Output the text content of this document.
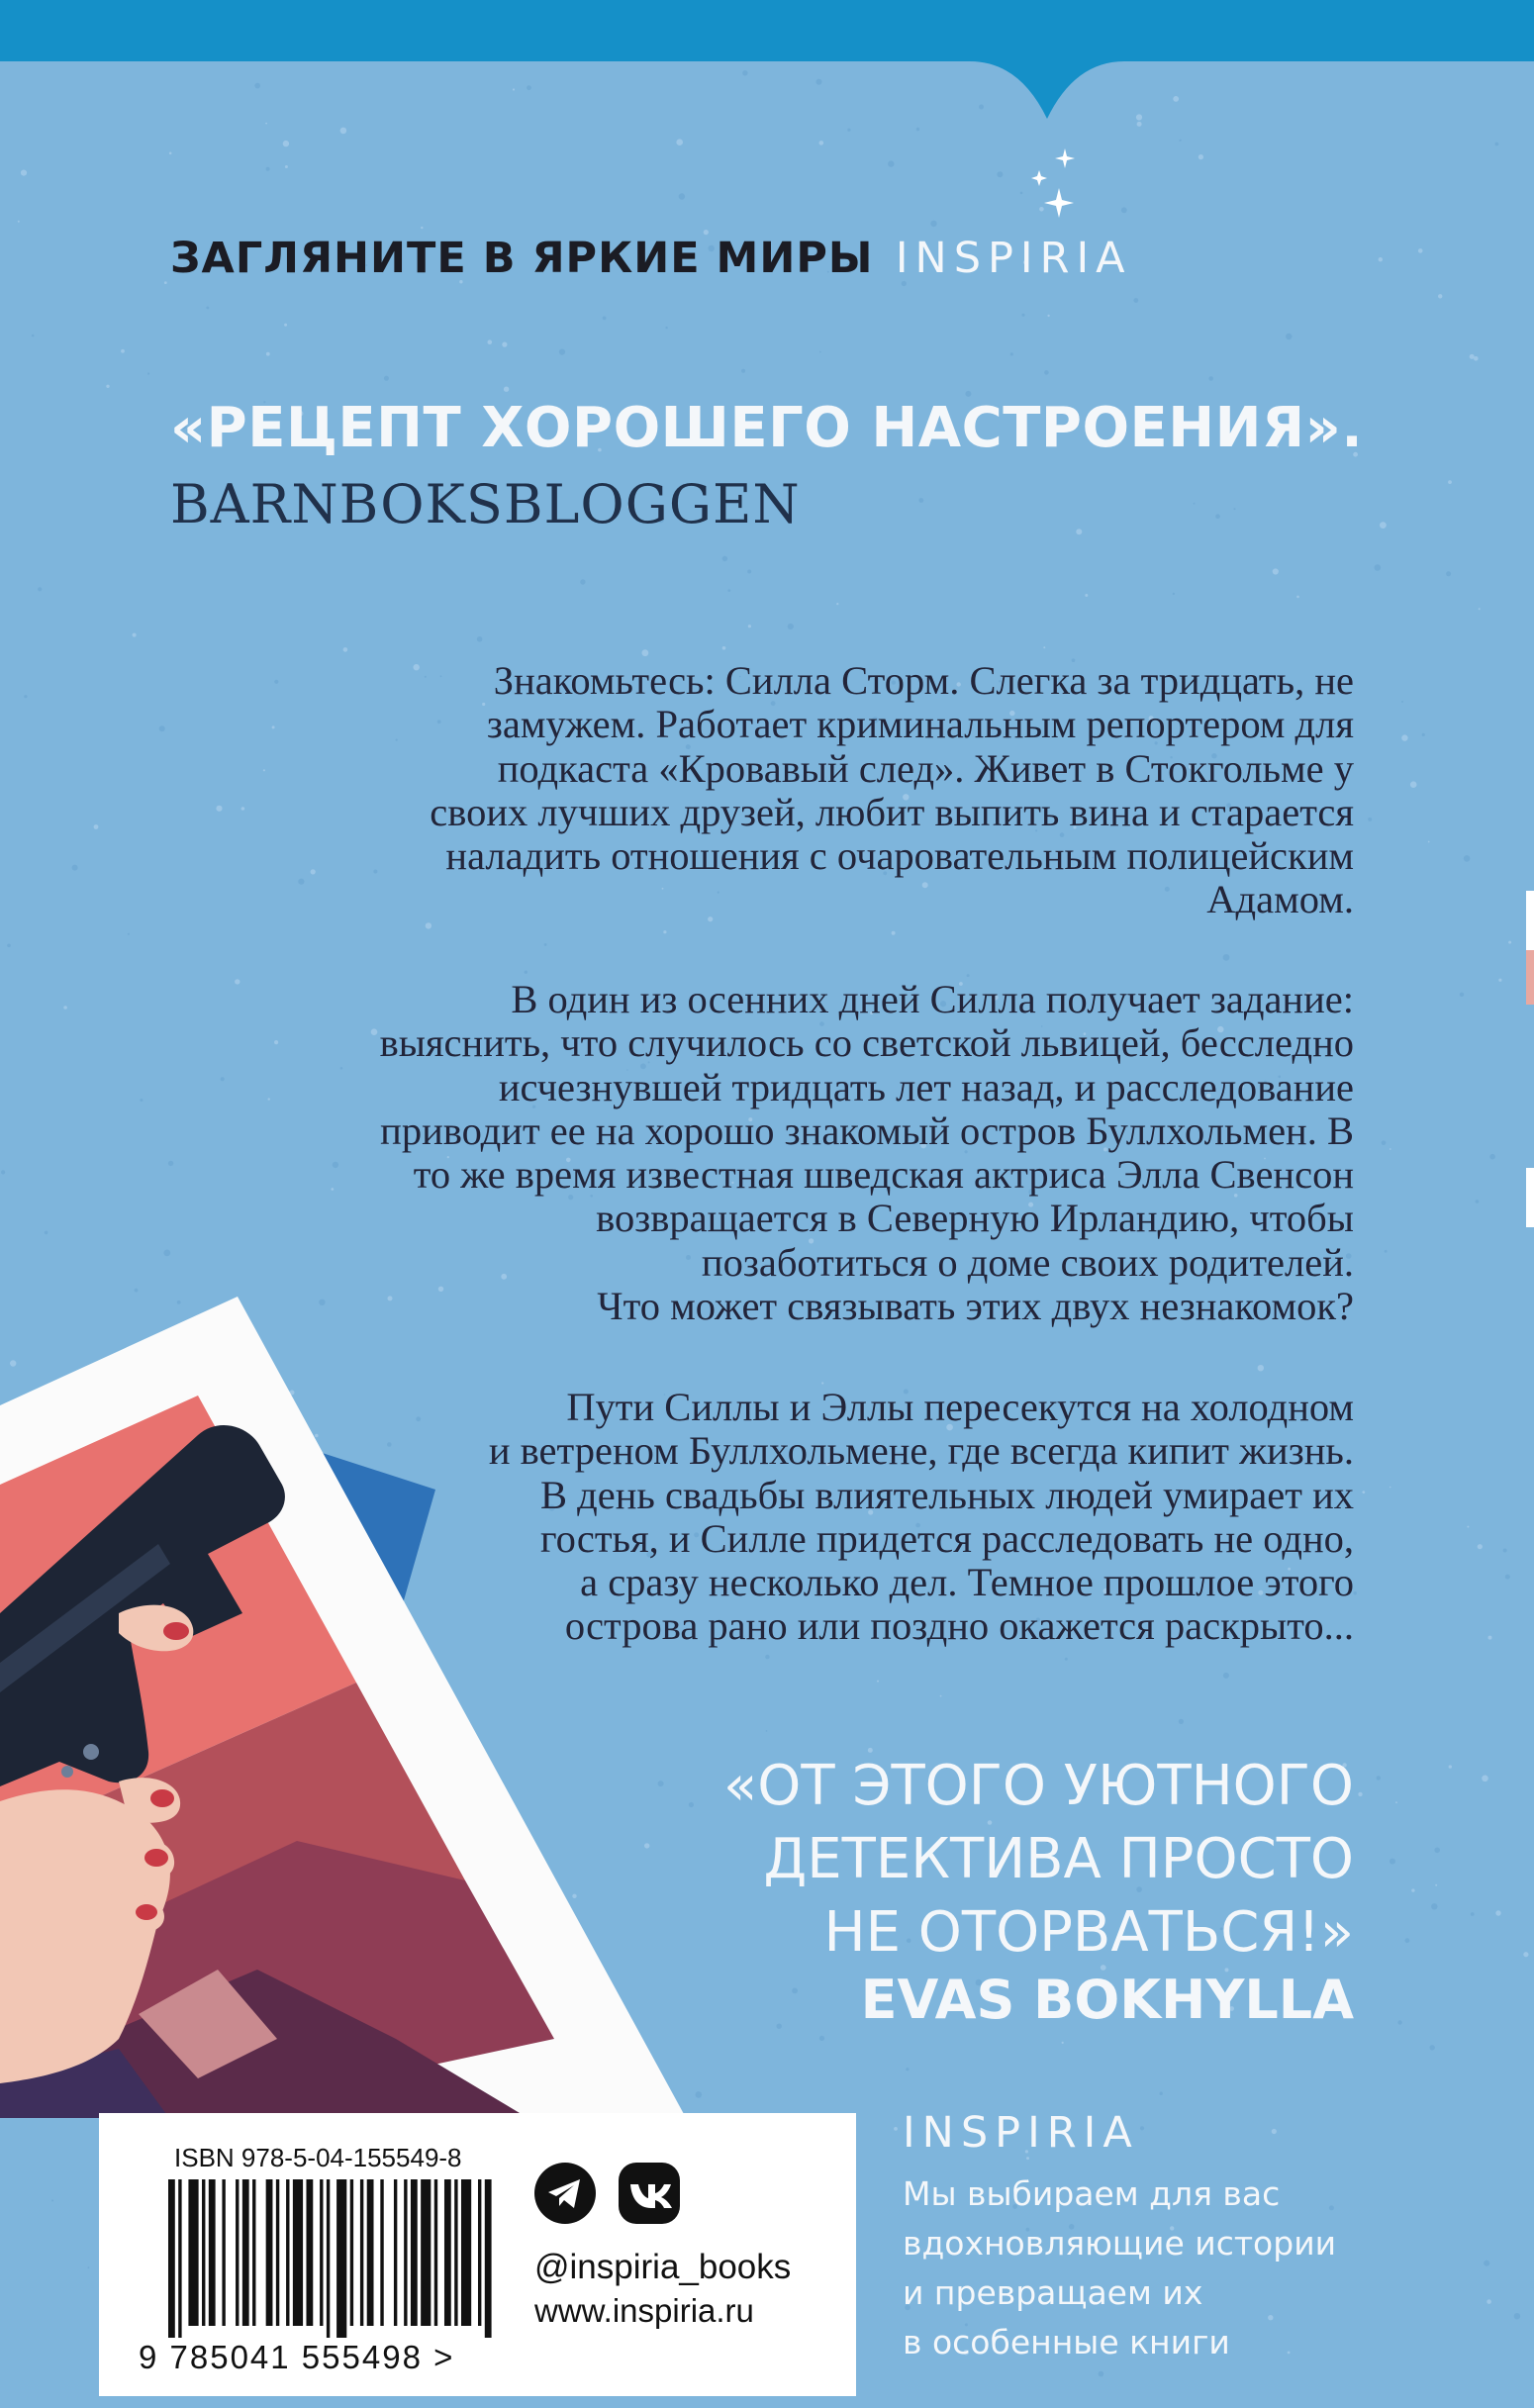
ЗАГЛЯНИТЕ В ЯРКИЕ МИРЫ INSPIRIA
«РЕЦЕПТ ХОРОШЕГО НАСТРОЕНИЯ».
BARNBOKSBLOGGEN

Знакомьтесь: Силла Сторм. Слегка за тридцать, не
замужем. Работает криминальным репортером для
подкаста «Кровавый след». Живет в Стокгольме у
своих лучших друзей, любит выпить вина и старается
наладить отношения с очаровательным полицейским
Адамом.

В один из осенних дней Силла получает задание:
выяснить, что случилось со светской львицей, бесследно
исчезнувшей тридцать лет назад, и расследование
приводит ее на хорошо знакомый остров Буллхольмен. В
то же время известная шведская актриса Элла Свенсон
возвращается в Северную Ирландию, чтобы
позаботиться о доме своих родителей.
Что может связывать этих двух незнакомок?

Пути Силлы и Эллы пересекутся на холодном
и ветреном Буллхольмене, где всегда кипит жизнь.
В день свадьбы влиятельных людей умирает их
гостья, и Силле придется расследовать не одно,
а сразу несколько дел. Темное прошлое этого
острова рано или поздно окажется раскрыто...

«ОТ ЭТОГО УЮТНОГО
ДЕТЕКТИВА ПРОСТО
НЕ ОТОРВАТЬСЯ!»
EVAS BOKHYLLA
ISBN 978-5-04-155549-8
9 785041 555498 >
@inspiria_books
www.inspiria.ru
INSPIRIA
Мы выбираем для вас
вдохновляющие истории
и превращаем их
в особенные книги
